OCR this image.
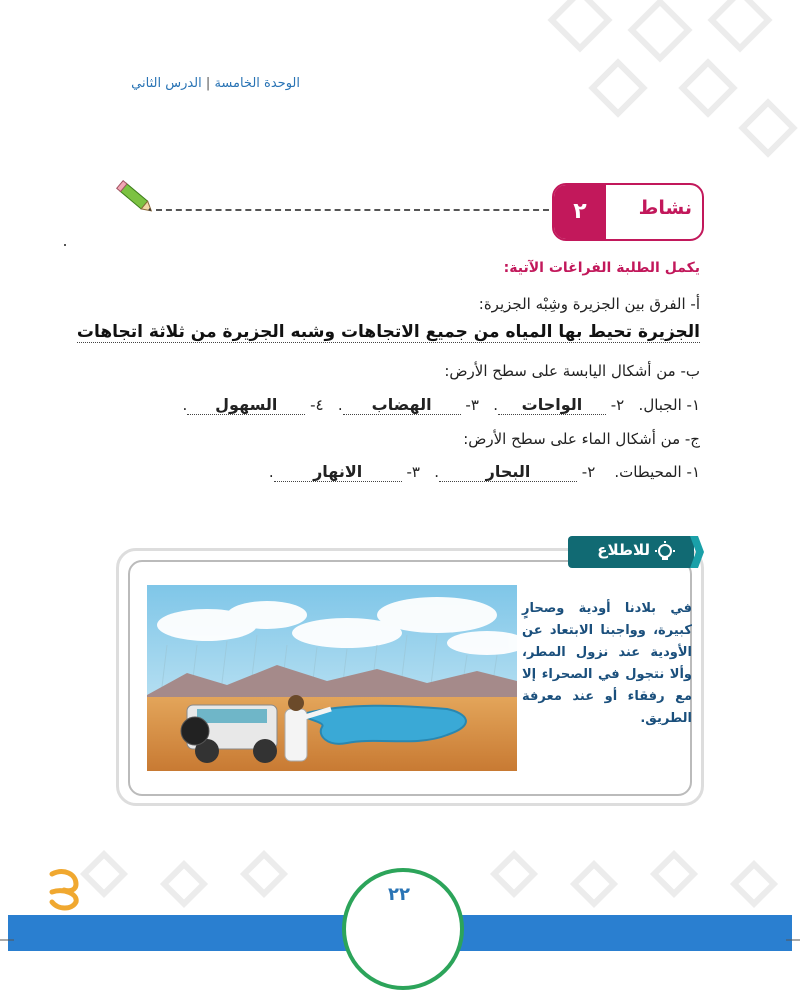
الوحدة الخامسة | الدرس الثاني
٢	نشاط
يكمل الطلبة الفراغات الآتية:
أ- الفرق بين الجزيرة وشِبْه الجزيرة:
الجزيرة تحيط بها المياه من جميع الاتجاهات وشبه الجزيرة من ثلاثة اتجاهات
ب- من أشكال اليابسة على سطح الأرض:
١- الجبال.   ٢- الواحات.   ٣- الهضاب.   ٤- السهول.
ج- من أشكال الماء على سطح الأرض:
١- المحيطات.    ٢- البحار.   ٣- الانهار.
للاطلاع
في بلادنا أودية وصحارٍ كبيرة، وواجبنا الابتعاد عن الأودية عند نزول المطر، وألا نتجول في الصحراء إلا مع رفقاء أو عند معرفة الطريق.
٢٢
